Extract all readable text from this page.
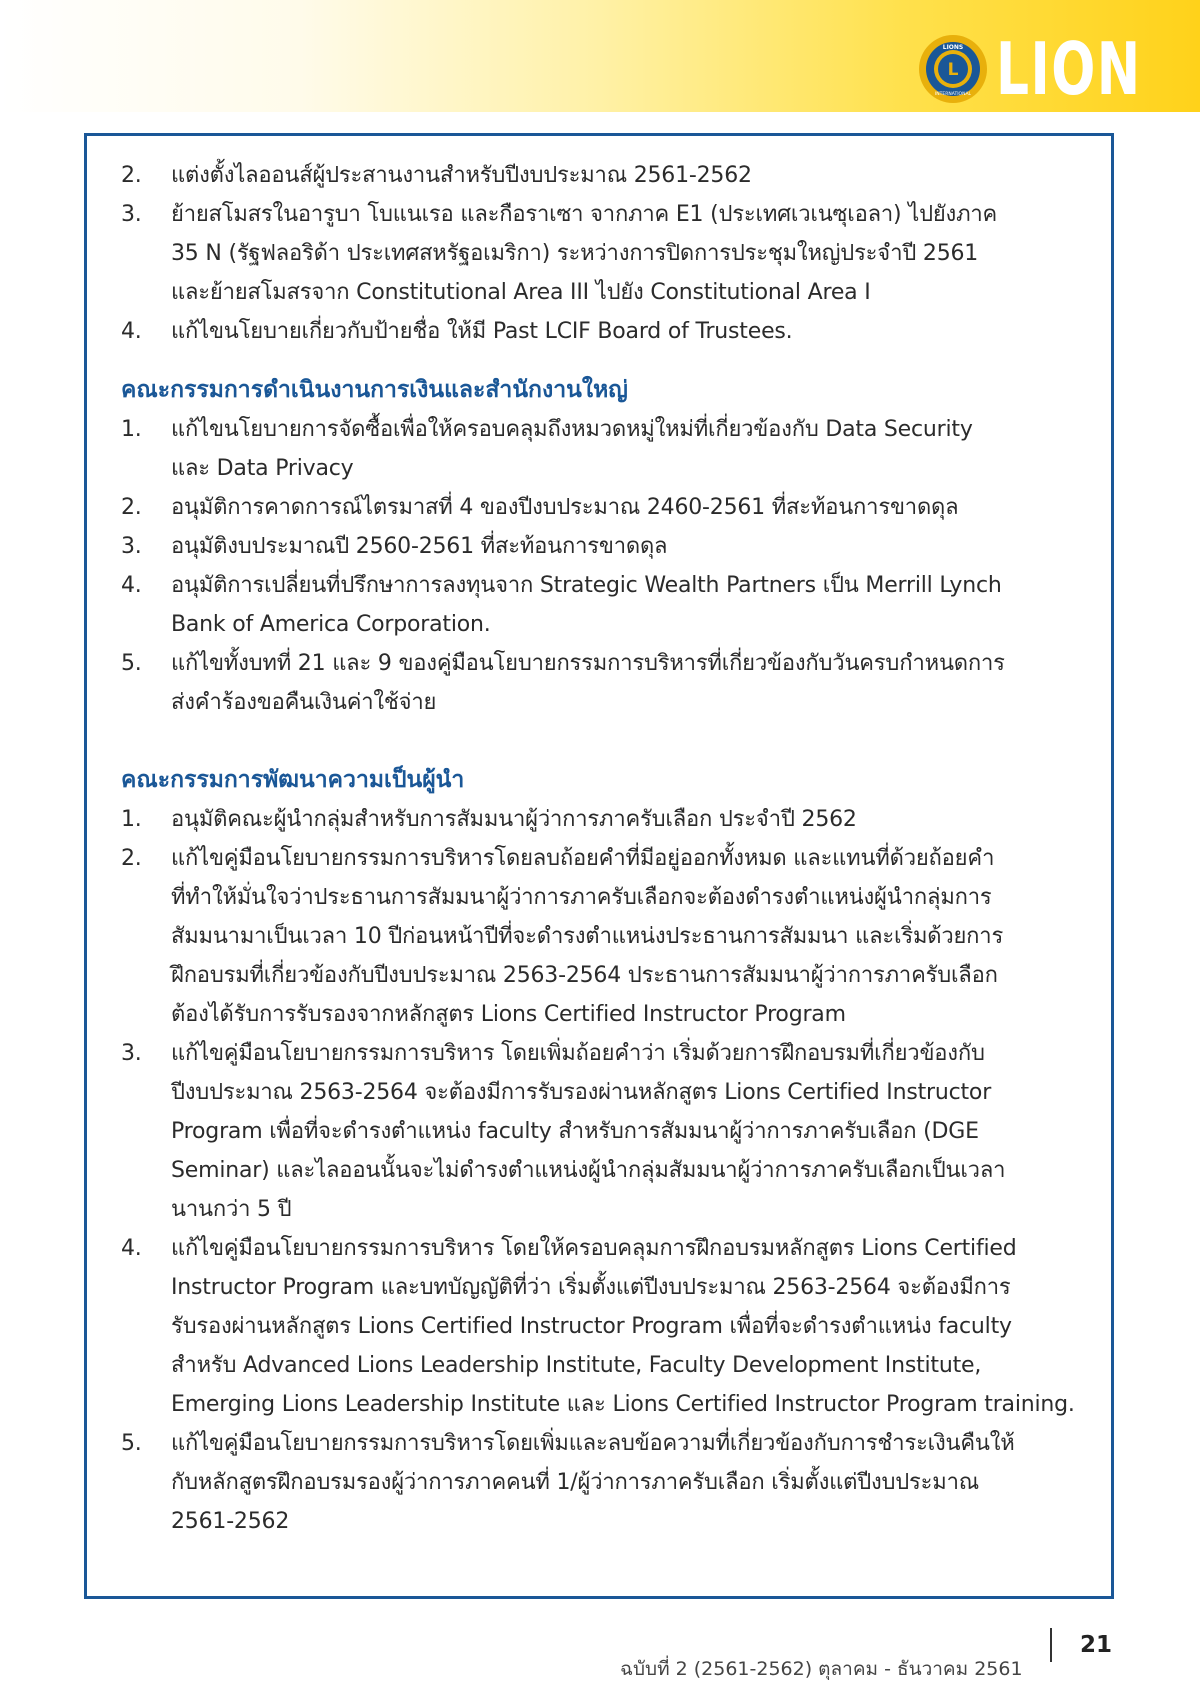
L
LIONS
INTERNATIONAL LION
2.	แต่งตั้งไลออนส์ผู้ประสานงานสำหรับปีงบประมาณ 2561-2562
3.	ย้ายสโมสรในอารูบา โบแนเรอ และกือราเซา จากภาค E1 (ประเทศเวเนซุเอลา) ไปยังภาค
35 N (รัฐฟลอริด้า ประเทศสหรัฐอเมริกา) ระหว่างการปิดการประชุมใหญ่ประจำปี 2561
และย้ายสโมสรจาก Constitutional Area III ไปยัง Constitutional Area I
4.	แก้ไขนโยบายเกี่ยวกับป้ายชื่อ ให้มี Past LCIF Board of Trustees.
คณะกรรมการดำเนินงานการเงินและสำนักงานใหญ่
1.	แก้ไขนโยบายการจัดซื้อเพื่อให้ครอบคลุมถึงหมวดหมู่ใหม่ที่เกี่ยวข้องกับ Data Security
และ Data Privacy
2.	อนุมัติการคาดการณ์ไตรมาสที่ 4 ของปีงบประมาณ 2460-2561 ที่สะท้อนการขาดดุล
3.	อนุมัติงบประมาณปี 2560-2561 ที่สะท้อนการขาดดุล
4.	อนุมัติการเปลี่ยนที่ปรึกษาการลงทุนจาก Strategic Wealth Partners เป็น Merrill Lynch
Bank of America Corporation.
5.	แก้ไขทั้งบทที่ 21 และ 9 ของคู่มือนโยบายกรรมการบริหารที่เกี่ยวข้องกับวันครบกำหนดการ
ส่งคำร้องขอคืนเงินค่าใช้จ่าย
คณะกรรมการพัฒนาความเป็นผู้นำ
1.	อนุมัติคณะผู้นำกลุ่มสำหรับการสัมมนาผู้ว่าการภาครับเลือก ประจำปี 2562
2.	แก้ไขคู่มือนโยบายกรรมการบริหารโดยลบถ้อยคำที่มีอยู่ออกทั้งหมด และแทนที่ด้วยถ้อยคำ
ที่ทำให้มั่นใจว่าประธานการสัมมนาผู้ว่าการภาครับเลือกจะต้องดำรงตำแหน่งผู้นำกลุ่มการ
สัมมนามาเป็นเวลา 10 ปีก่อนหน้าปีที่จะดำรงตำแหน่งประธานการสัมมนา และเริ่มด้วยการ
ฝึกอบรมที่เกี่ยวข้องกับปีงบประมาณ 2563-2564 ประธานการสัมมนาผู้ว่าการภาครับเลือก
ต้องได้รับการรับรองจากหลักสูตร Lions Certified Instructor Program
3.	แก้ไขคู่มือนโยบายกรรมการบริหาร โดยเพิ่มถ้อยคำว่า เริ่มด้วยการฝึกอบรมที่เกี่ยวข้องกับ
ปีงบประมาณ 2563-2564 จะต้องมีการรับรองผ่านหลักสูตร Lions Certified Instructor
Program เพื่อที่จะดำรงตำแหน่ง faculty สำหรับการสัมมนาผู้ว่าการภาครับเลือก (DGE
Seminar) และไลออนนั้นจะไม่ดำรงตำแหน่งผู้นำกลุ่มสัมมนาผู้ว่าการภาครับเลือกเป็นเวลา
นานกว่า 5 ปี
4.	แก้ไขคู่มือนโยบายกรรมการบริหาร โดยให้ครอบคลุมการฝึกอบรมหลักสูตร Lions Certified
Instructor Program และบทบัญญัติที่ว่า เริ่มตั้งแต่ปีงบประมาณ 2563-2564 จะต้องมีการ
รับรองผ่านหลักสูตร Lions Certified Instructor Program เพื่อที่จะดำรงตำแหน่ง faculty
สำหรับ Advanced Lions Leadership Institute, Faculty Development Institute,
Emerging Lions Leadership Institute และ Lions Certified Instructor Program training.
5.	แก้ไขคู่มือนโยบายกรรมการบริหารโดยเพิ่มและลบข้อความที่เกี่ยวข้องกับการชำระเงินคืนให้
กับหลักสูตรฝึกอบรมรองผู้ว่าการภาคคนที่ 1/ผู้ว่าการภาครับเลือก เริ่มตั้งแต่ปีงบประมาณ
2561-2562
ฉบับที่ 2 (2561-2562) ตุลาคม - ธันวาคม 2561
21
